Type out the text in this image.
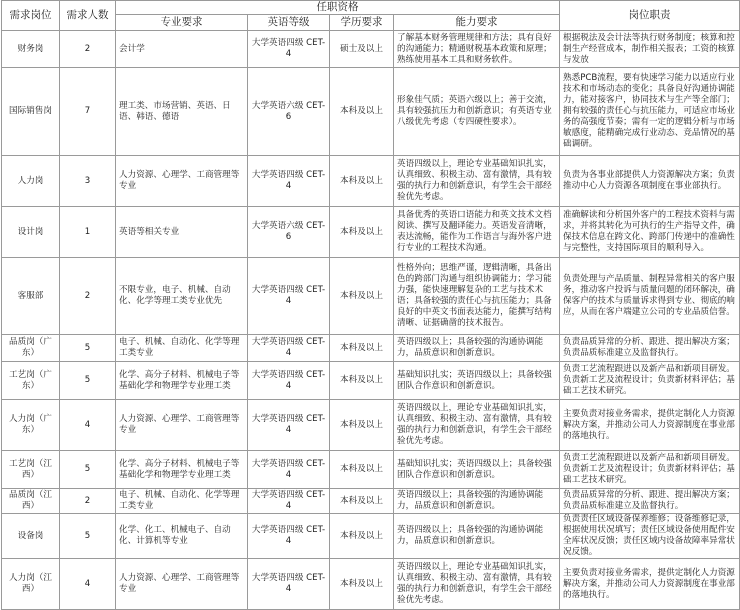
需求岗位	需求人数	任职资格				岗位职责
		专业要求	英语等级	学历要求	能力要求	
财务岗	2	会计学	大学英语四级 CET-4	硕士及以上	了解基本财务管理规律和方法；具有良好的沟通能力；精通财税基本政策和原理；熟练使用基本工具和财务软件。	根据税法及会计法等执行财务制度；核算和控制生产经营成本，制作相关报表；工资的核算与发放
国际销售岗	7	理工类、市场营销、英语、日语、韩语、德语	大学英语六级 CET-6	本科及以上	形象佳气质；英语六级以上；善于交流，具有较强抗压力和创新意识；有英语专业八级优先考虑（专四硬性要求）。	熟悉PCB流程，要有快速学习能力以适应行业技术和市场动态的变化；具备良好沟通协调能力，能对接客户，协同技术与生产等全部门；拥有较强的责任心与抗压能力，可适应市场业务的高强度节奏；需有一定的逻辑分析与市场敏感度，能精确完成行业动态、竞品情况的基础调研。
人力岗	3	人力资源、心理学、工商管理等专业	大学英语四级 CET-4	本科及以上	英语四级以上，理论专业基础知识扎实，认真细致、积极主动、富有激情，具有较强的执行力和创新意识，有学生会干部经验优先考虑。	负责为各事业部提供人力资源解决方案；负责推动中心人力资源各项制度在事业部执行。
设计岗	1	英语等相关专业	大学英语六级 CET-6	本科及以上	具备优秀的英语口语能力和英文技术文档阅读、撰写及翻译能力。英语发音清晰，表达流畅，能作为工作语言与海外客户进行专业的工程技术沟通。	准确解读和分析国外客户的工程技术资料与需求，并将其转化为可执行的生产指导文件，确保技术信息在跨文化、跨部门传递中的准确性与完整性，支持国际项目的顺利导入。
客服部	2	不限专业，电子、机械、自动化、化学等理工类专业优先	大学英语四级 CET-4	本科及以上	性格外向；思维严谨，逻辑清晰，具备出色的跨部门沟通与组织协调能力；学习能力强，能快速理解复杂的工艺与技术术语；具备较强的责任心与抗压能力；具备良好的中英文书面表达能力，能撰写结构清晰、证据确凿的技术报告。	负责处理与产品质量、制程异常相关的客户服务，推动客户投诉与质量问题的闭环解决，确保客户的技术与质量诉求得到专业、彻底的响应，从而在客户端建立公司的专业品质信誉。
品质岗（广东）	5	电子、机械、自动化、化学等理工类专业	大学英语四级 CET-4	本科及以上	英语四级以上；具备较强的沟通协调能力，品质意识和创新意识。	负责品质异常的分析、跟进、提出解决方案；负责品质标准建立及监督执行。
工艺岗（广东）	5	化学、高分子材料、机械电子等基础化学和物理学专业理工类	大学英语四级 CET-4	本科及以上	基础知识扎实；英语四级以上；具备较强团队合作意识和创新意识。	负责工艺流程跟进以及新产品和新项目研发。负责新工艺及流程设计；负责新材料评估；基础工艺技术研究。
人力岗（广东）	4	人力资源、心理学、工商管理等专业	大学英语四级 CET-4	本科及以上	英语四级以上，理论专业基础知识扎实，认真细致、积极主动、富有激情，具有较强的执行力和创新意识，有学生会干部经验优先考虑。	主要负责对接业务需求，提供定制化人力资源解决方案，并推动公司人力资源制度在事业部的落地执行。
工艺岗（江西）	5	化学、高分子材料、机械电子等基础化学和物理学专业理工类	大学英语四级 CET-4	本科及以上	基础知识扎实；英语四级以上；具备较强团队合作意识和创新意识。	负责工艺流程跟进以及新产品和新项目研发。负责新工艺及流程设计；负责新材料评估；基础工艺技术研究。
品质岗（江西）	2	电子、机械、自动化、化学等理工类专业	大学英语四级 CET-4	本科及以上	英语四级以上；具备较强的沟通协调能力，品质意识和创新意识。	负责品质异常的分析、跟进、提出解决方案；负责品质标准建立及监督执行。
设备岗	5	化学、化工、机械电子、自动化、计算机等专业	大学英语四级 CET-4	本科及以上	英语四级以上；具备较强的沟通协调能力，品质意识和创新意识。	负责责任区域设备保养维修；设备维修记录，根据使用状况填写；责任区域设备使用配件安全库状况反馈；责任区域内设备故障率异常状况反馈。
人力岗（江西）	4	人力资源、心理学、工商管理等专业	大学英语四级 CET-4	本科及以上	英语四级以上，理论专业基础知识扎实，认真细致、积极主动、富有激情，具有较强的执行力和创新意识，有学生会干部经验优先考虑。	主要负责对接业务需求，提供定制化人力资源解决方案，并推动公司人力资源制度在事业部的落地执行。
